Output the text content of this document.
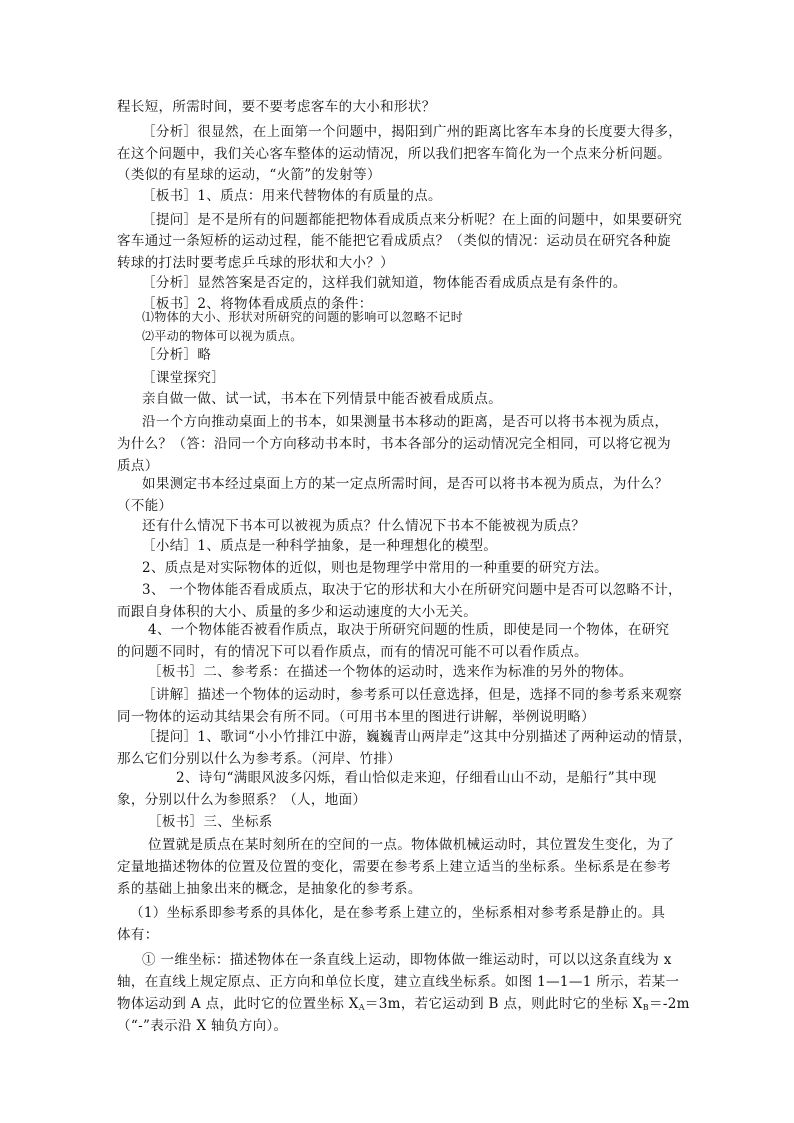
程长短，所需时间，要不要考虑客车的大小和形状？
［分析］很显然，在上面第一个问题中，揭阳到广州的距离比客车本身的长度要大得多，
在这个问题中，我们关心客车整体的运动情况，所以我们把客车简化为一个点来分析问题。
（类似的有星球的运动，“火箭”的发射等）
［板书］1、质点：用来代替物体的有质量的点。
［提问］是不是所有的问题都能把物体看成质点来分析呢？在上面的问题中，如果要研究
客车通过一条短桥的运动过程，能不能把它看成质点？（类似的情况：运动员在研究各种旋
转球的打法时要考虑乒乓球的形状和大小？）
［分析］显然答案是否定的，这样我们就知道，物体能否看成质点是有条件的。
［板书］2、将物体看成质点的条件：
⑴物体的大小、形状对所研究的问题的影响可以忽略不记时
⑵平动的物体可以视为质点。
［分析］略
［课堂探究］
亲自做一做、试一试，书本在下列情景中能否被看成质点。
沿一个方向推动桌面上的书本，如果测量书本移动的距离，是否可以将书本视为质点，
为什么？（答：沿同一个方向移动书本时，书本各部分的运动情况完全相同，可以将它视为
质点）
如果测定书本经过桌面上方的某一定点所需时间，是否可以将书本视为质点，为什么？
（不能）
还有什么情况下书本可以被视为质点？什么情况下书本不能被视为质点？
［小结］1、质点是一种科学抽象，是一种理想化的模型。
2、质点是对实际物体的近似，则也是物理学中常用的一种重要的研究方法。
3、 一个物体能否看成质点，取决于它的形状和大小在所研究问题中是否可以忽略不计，
而跟自身体积的大小、质量的多少和运动速度的大小无关。
4、一个物体能否被看作质点，取决于所研究问题的性质，即使是同一个物体，在研究
的问题不同时，有的情况下可以看作质点，而有的情况可能不可以看作质点。
［板书］二、参考系：在描述一个物体的运动时，选来作为标准的另外的物体。
［讲解］描述一个物体的运动时，参考系可以任意选择，但是，选择不同的参考系来观察
同一物体的运动其结果会有所不同。（可用书本里的图进行讲解，举例说明略）
［提问］1、歌词“小小竹排江中游，巍巍青山两岸走”这其中分别描述了两种运动的情景，
那么它们分别以什么为参考系。（河岸、竹排）
2、诗句“满眼风波多闪烁，看山恰似走来迎，仔细看山山不动，是船行”其中现
象，分别以什么为参照系？（人，地面）
［板书］三、坐标系
位置就是质点在某时刻所在的空间的一点。物体做机械运动时，其位置发生变化，为了
定量地描述物体的位置及位置的变化，需要在参考系上建立适当的坐标系。坐标系是在参考
系的基础上抽象出来的概念，是抽象化的参考系。
（1）坐标系即参考系的具体化，是在参考系上建立的，坐标系相对参考系是静止的。具
体有：
① 一维坐标：描述物体在一条直线上运动，即物体做一维运动时，可以以这条直线为 x
轴，在直线上规定原点、正方向和单位长度，建立直线坐标系。如图 1—1—1 所示，若某一
物体运动到 A 点，此时它的位置坐标 $X_A=3m$，若它运动到 B 点，则此时它的坐标 $X_B=-2m$
（“-”表示沿 X 轴负方向）。
